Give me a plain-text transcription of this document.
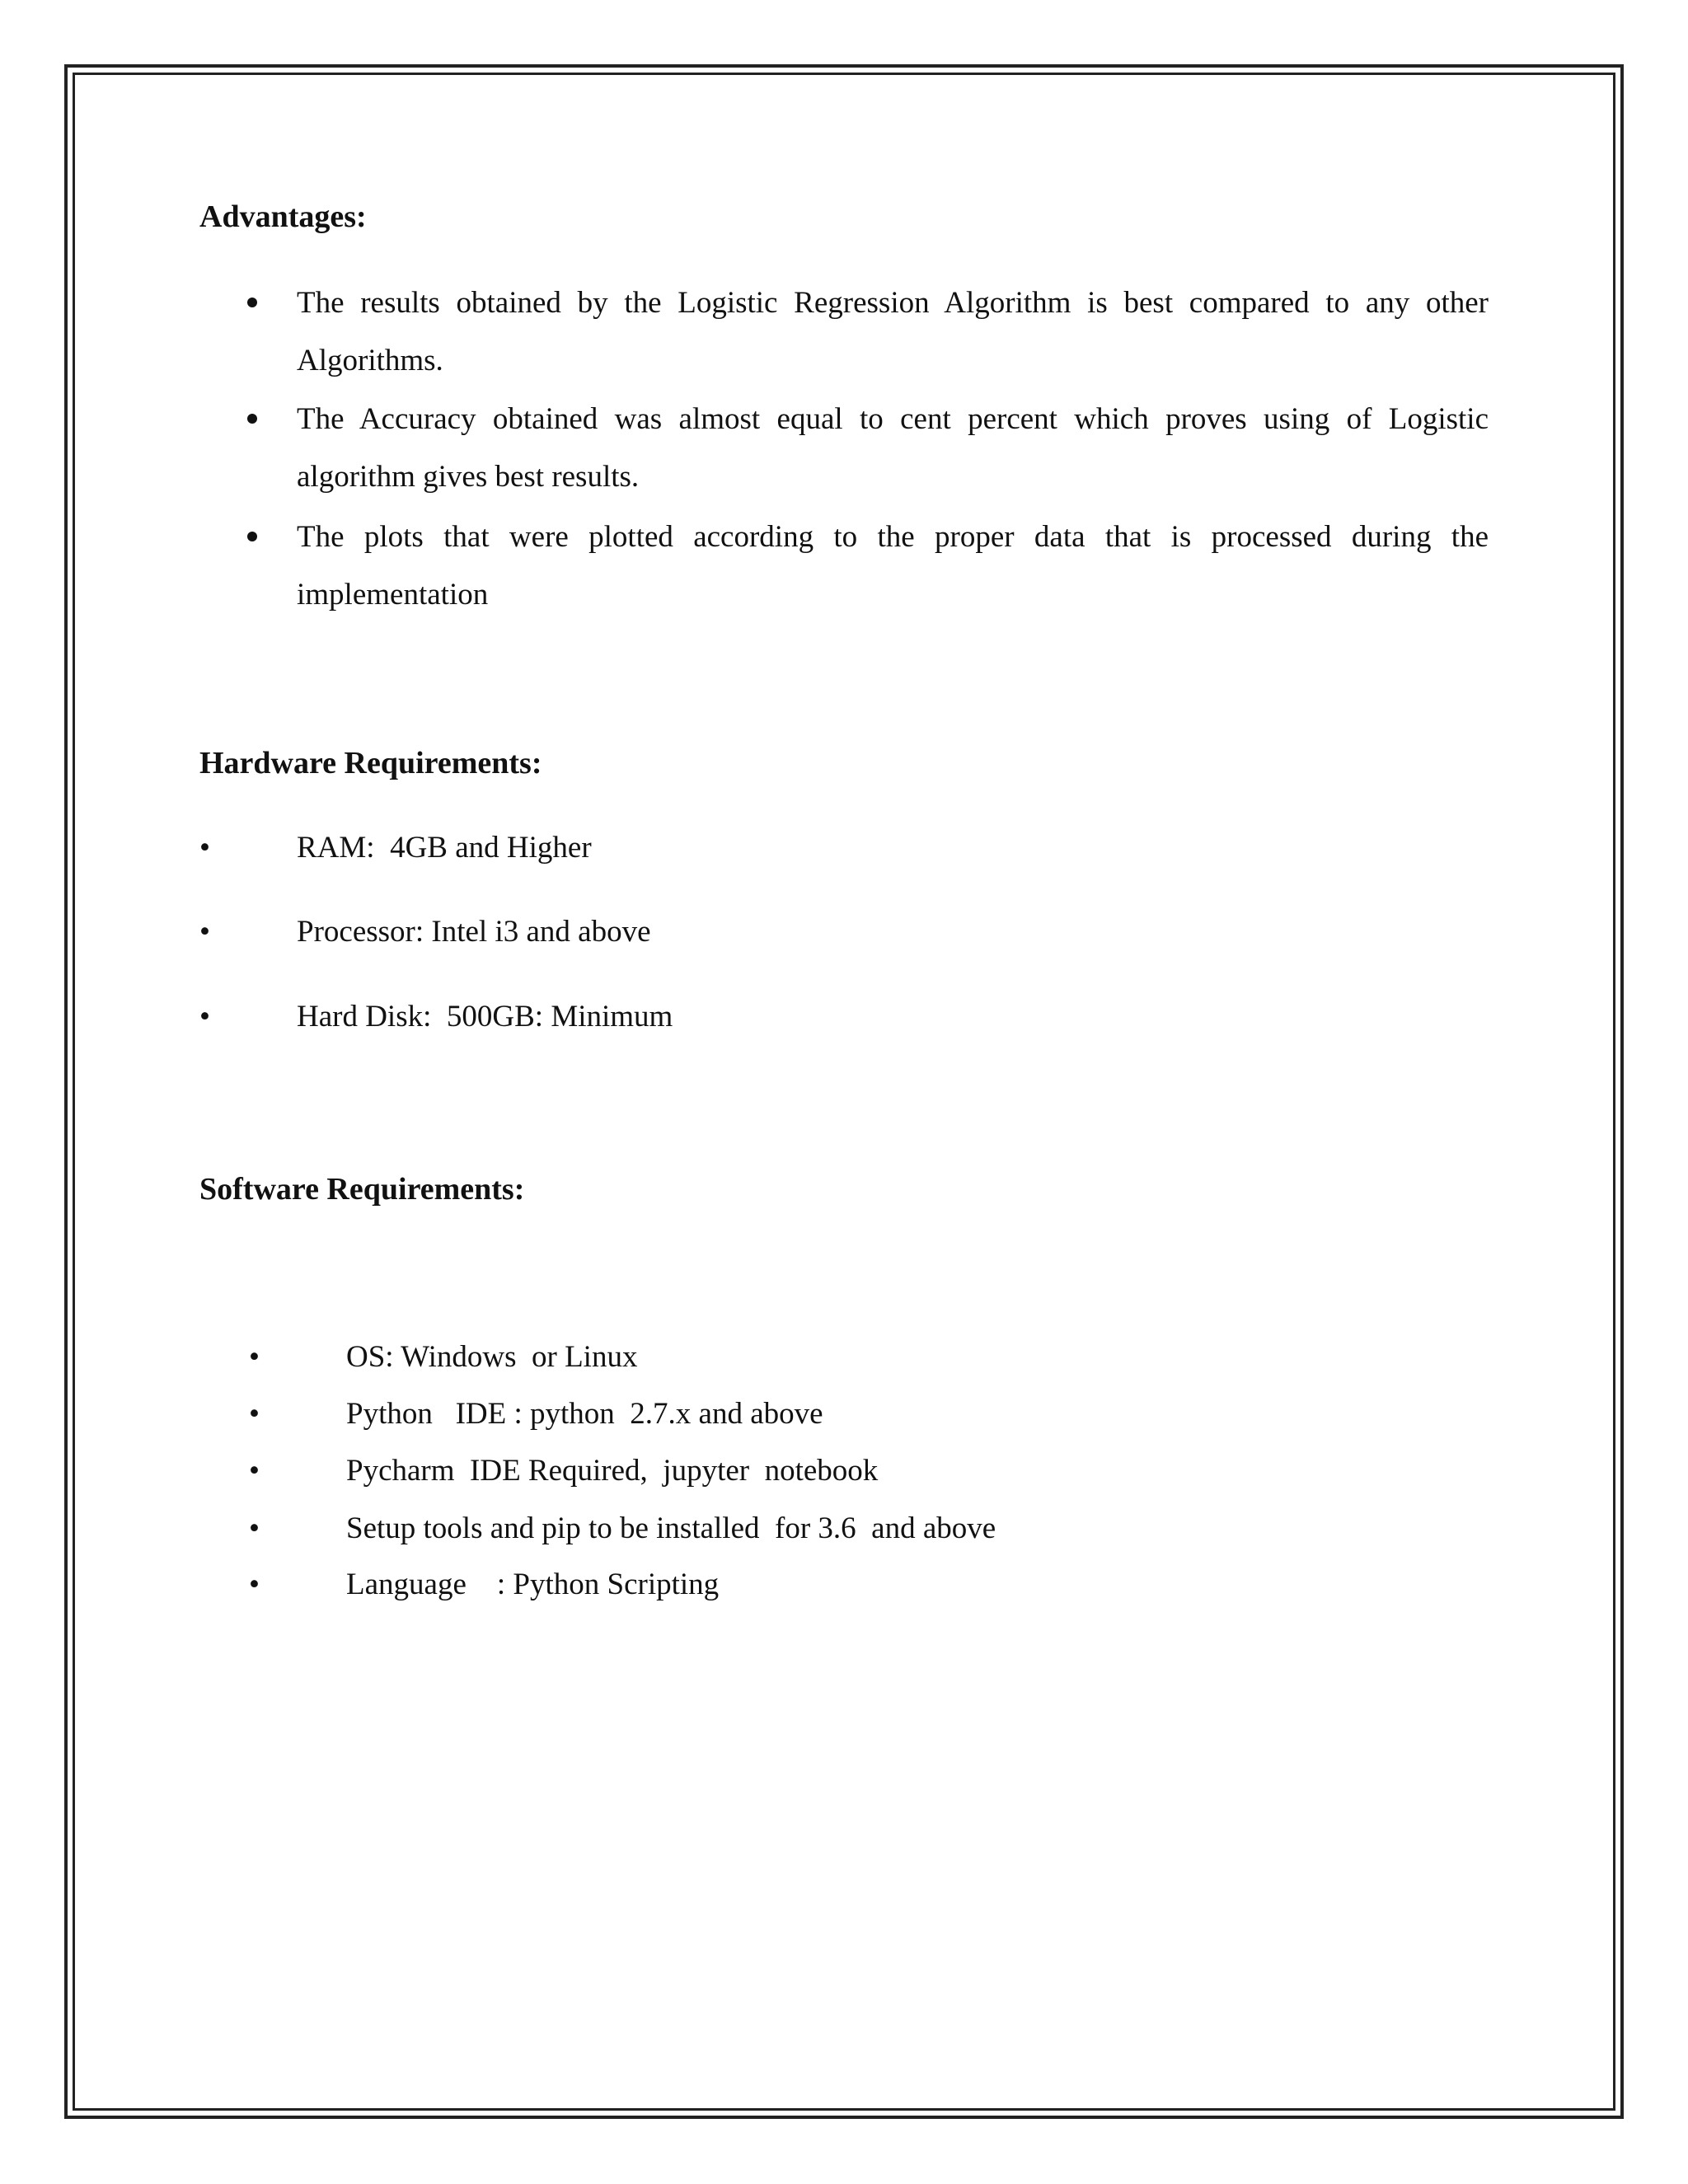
Advantages:

The results obtained by the Logistic Regression Algorithm is best compared to any other Algorithms.

The Accuracy obtained was almost equal to cent percent which proves using of Logistic algorithm gives best results.

The plots that were plotted according to the proper data that is processed during the implementation

Hardware Requirements:
•	RAM:  4GB and Higher
•	Processor: Intel i3 and above
•	Hard Disk:  500GB: Minimum
Software Requirements:
•	OS: Windows  or Linux
•	Python   IDE : python  2.7.x and above
•	Pycharm  IDE Required,  jupyter  notebook
•	Setup tools and pip to be installed  for 3.6  and above
•	Language    : Python Scripting
